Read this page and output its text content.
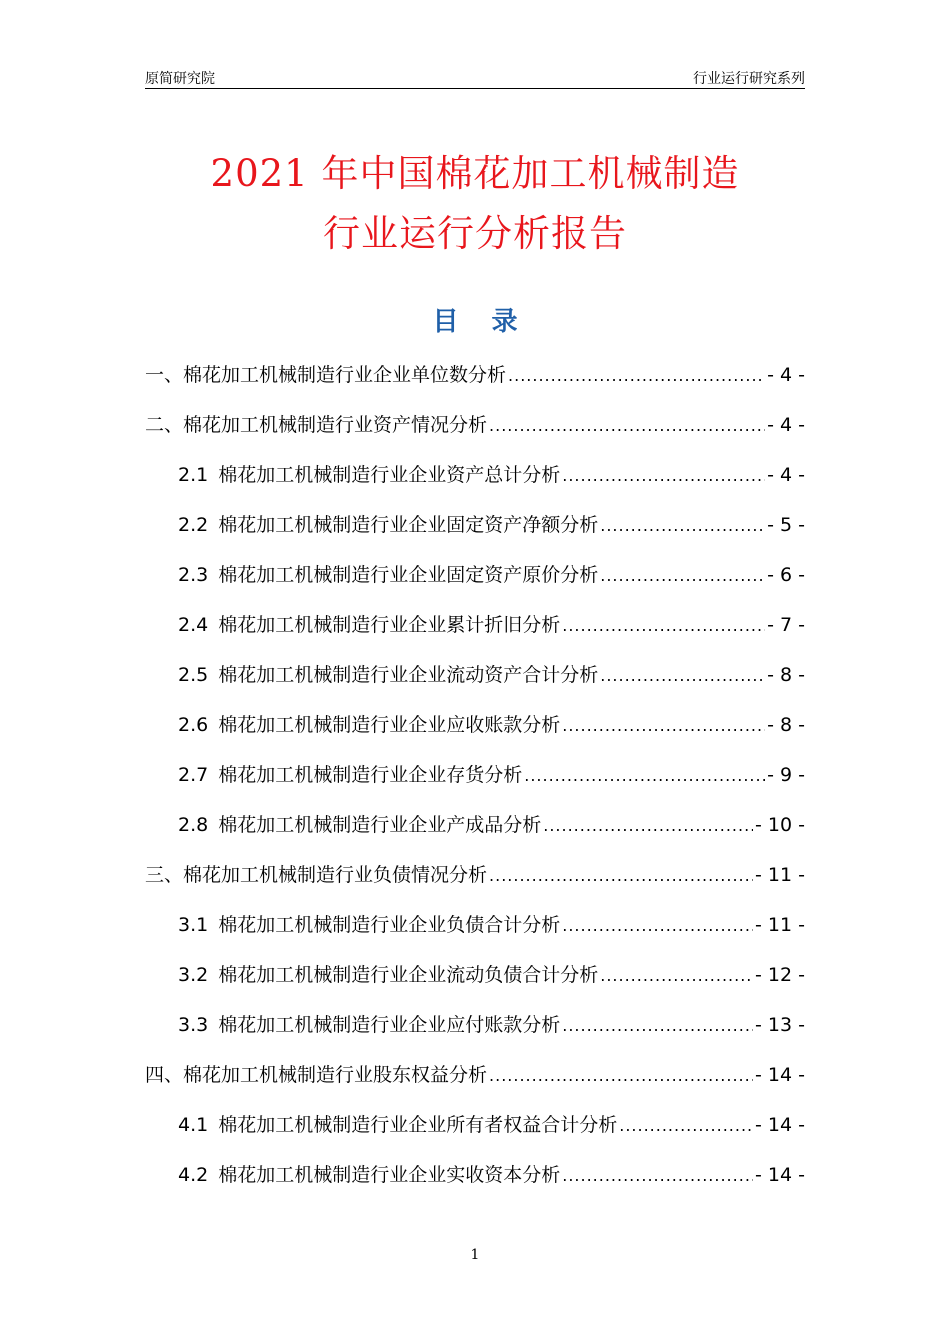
原简研究院	行业运行研究系列
2021 年中国棉花加工机械制造
行业运行分析报告
目 录
一、棉花加工机械制造行业企业单位数分析 .....	- 4 -
二、棉花加工机械制造行业资产情况分析 .....	- 4 -
2.1 棉花加工机械制造行业企业资产总计分析 .....	- 4 -
2.2 棉花加工机械制造行业企业固定资产净额分析 .....	- 5 -
2.3 棉花加工机械制造行业企业固定资产原价分析 .....	- 6 -
2.4 棉花加工机械制造行业企业累计折旧分析 .....	- 7 -
2.5 棉花加工机械制造行业企业流动资产合计分析 .....	- 8 -
2.6 棉花加工机械制造行业企业应收账款分析 .....	- 8 -
2.7 棉花加工机械制造行业企业存货分析 .....	- 9 -
2.8 棉花加工机械制造行业企业产成品分析 .....	- 10 -
三、棉花加工机械制造行业负债情况分析 .....	- 11 -
3.1 棉花加工机械制造行业企业负债合计分析 .....	- 11 -
3.2 棉花加工机械制造行业企业流动负债合计分析 .....	- 12 -
3.3 棉花加工机械制造行业企业应付账款分析 .....	- 13 -
四、棉花加工机械制造行业股东权益分析 .....	- 14 -
4.1 棉花加工机械制造行业企业所有者权益合计分析 .....	- 14 -
4.2 棉花加工机械制造行业企业实收资本分析 .....	- 14 -
1
